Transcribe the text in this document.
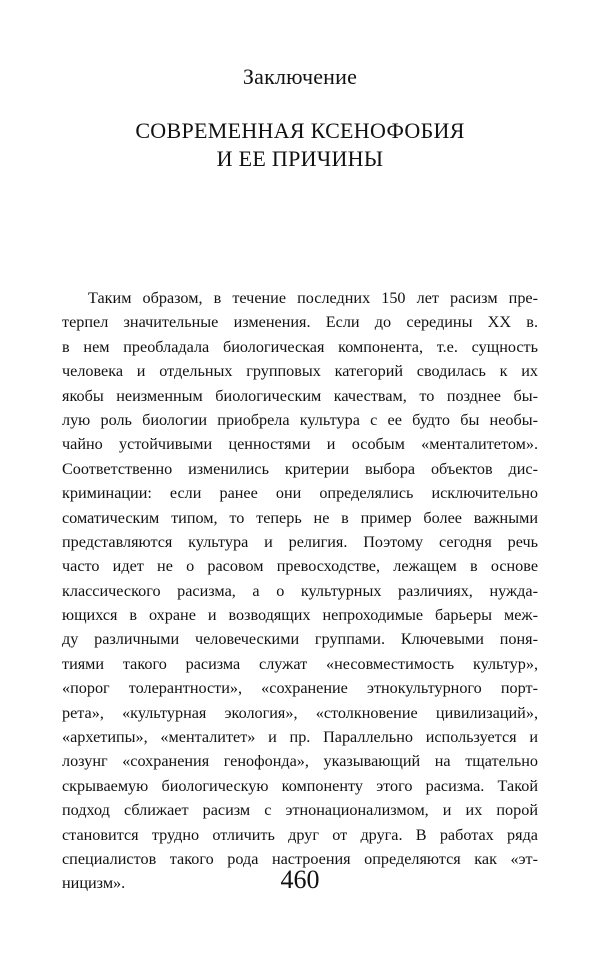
Заключение
СОВРЕМЕННАЯ КСЕНОФОБИЯ
И ЕЕ ПРИЧИНЫ
Таким образом, в течение последних 150 лет расизм пре-
терпел значительные изменения. Если до середины XX в.
в нем преобладала биологическая компонента, т.е. сущность
человека и отдельных групповых категорий сводилась к их
якобы неизменным биологическим качествам, то позднее бы-
лую роль биологии приобрела культура с ее будто бы необы-
чайно устойчивыми ценностями и особым «менталитетом».
Соответственно изменились критерии выбора объектов дис-
криминации: если ранее они определялись исключительно
соматическим типом, то теперь не в пример более важными
представляются культура и религия. Поэтому сегодня речь
часто идет не о расовом превосходстве, лежащем в основе
классического расизма, а о культурных различиях, нужда-
ющихся в охране и возводящих непроходимые барьеры меж-
ду различными человеческими группами. Ключевыми поня-
тиями такого расизма служат «несовместимость культур»,
«порог толерантности», «сохранение этнокультурного порт-
рета», «культурная экология», «столкновение цивилизаций»,
«архетипы», «менталитет» и пр. Параллельно используется и
лозунг «сохранения генофонда», указывающий на тщательно
скрываемую биологическую компоненту этого расизма. Такой
подход сближает расизм с этнонационализмом, и их порой
становится трудно отличить друг от друга. В работах ряда
специалистов такого рода настроения определяются как «эт-
ницизм».	460
